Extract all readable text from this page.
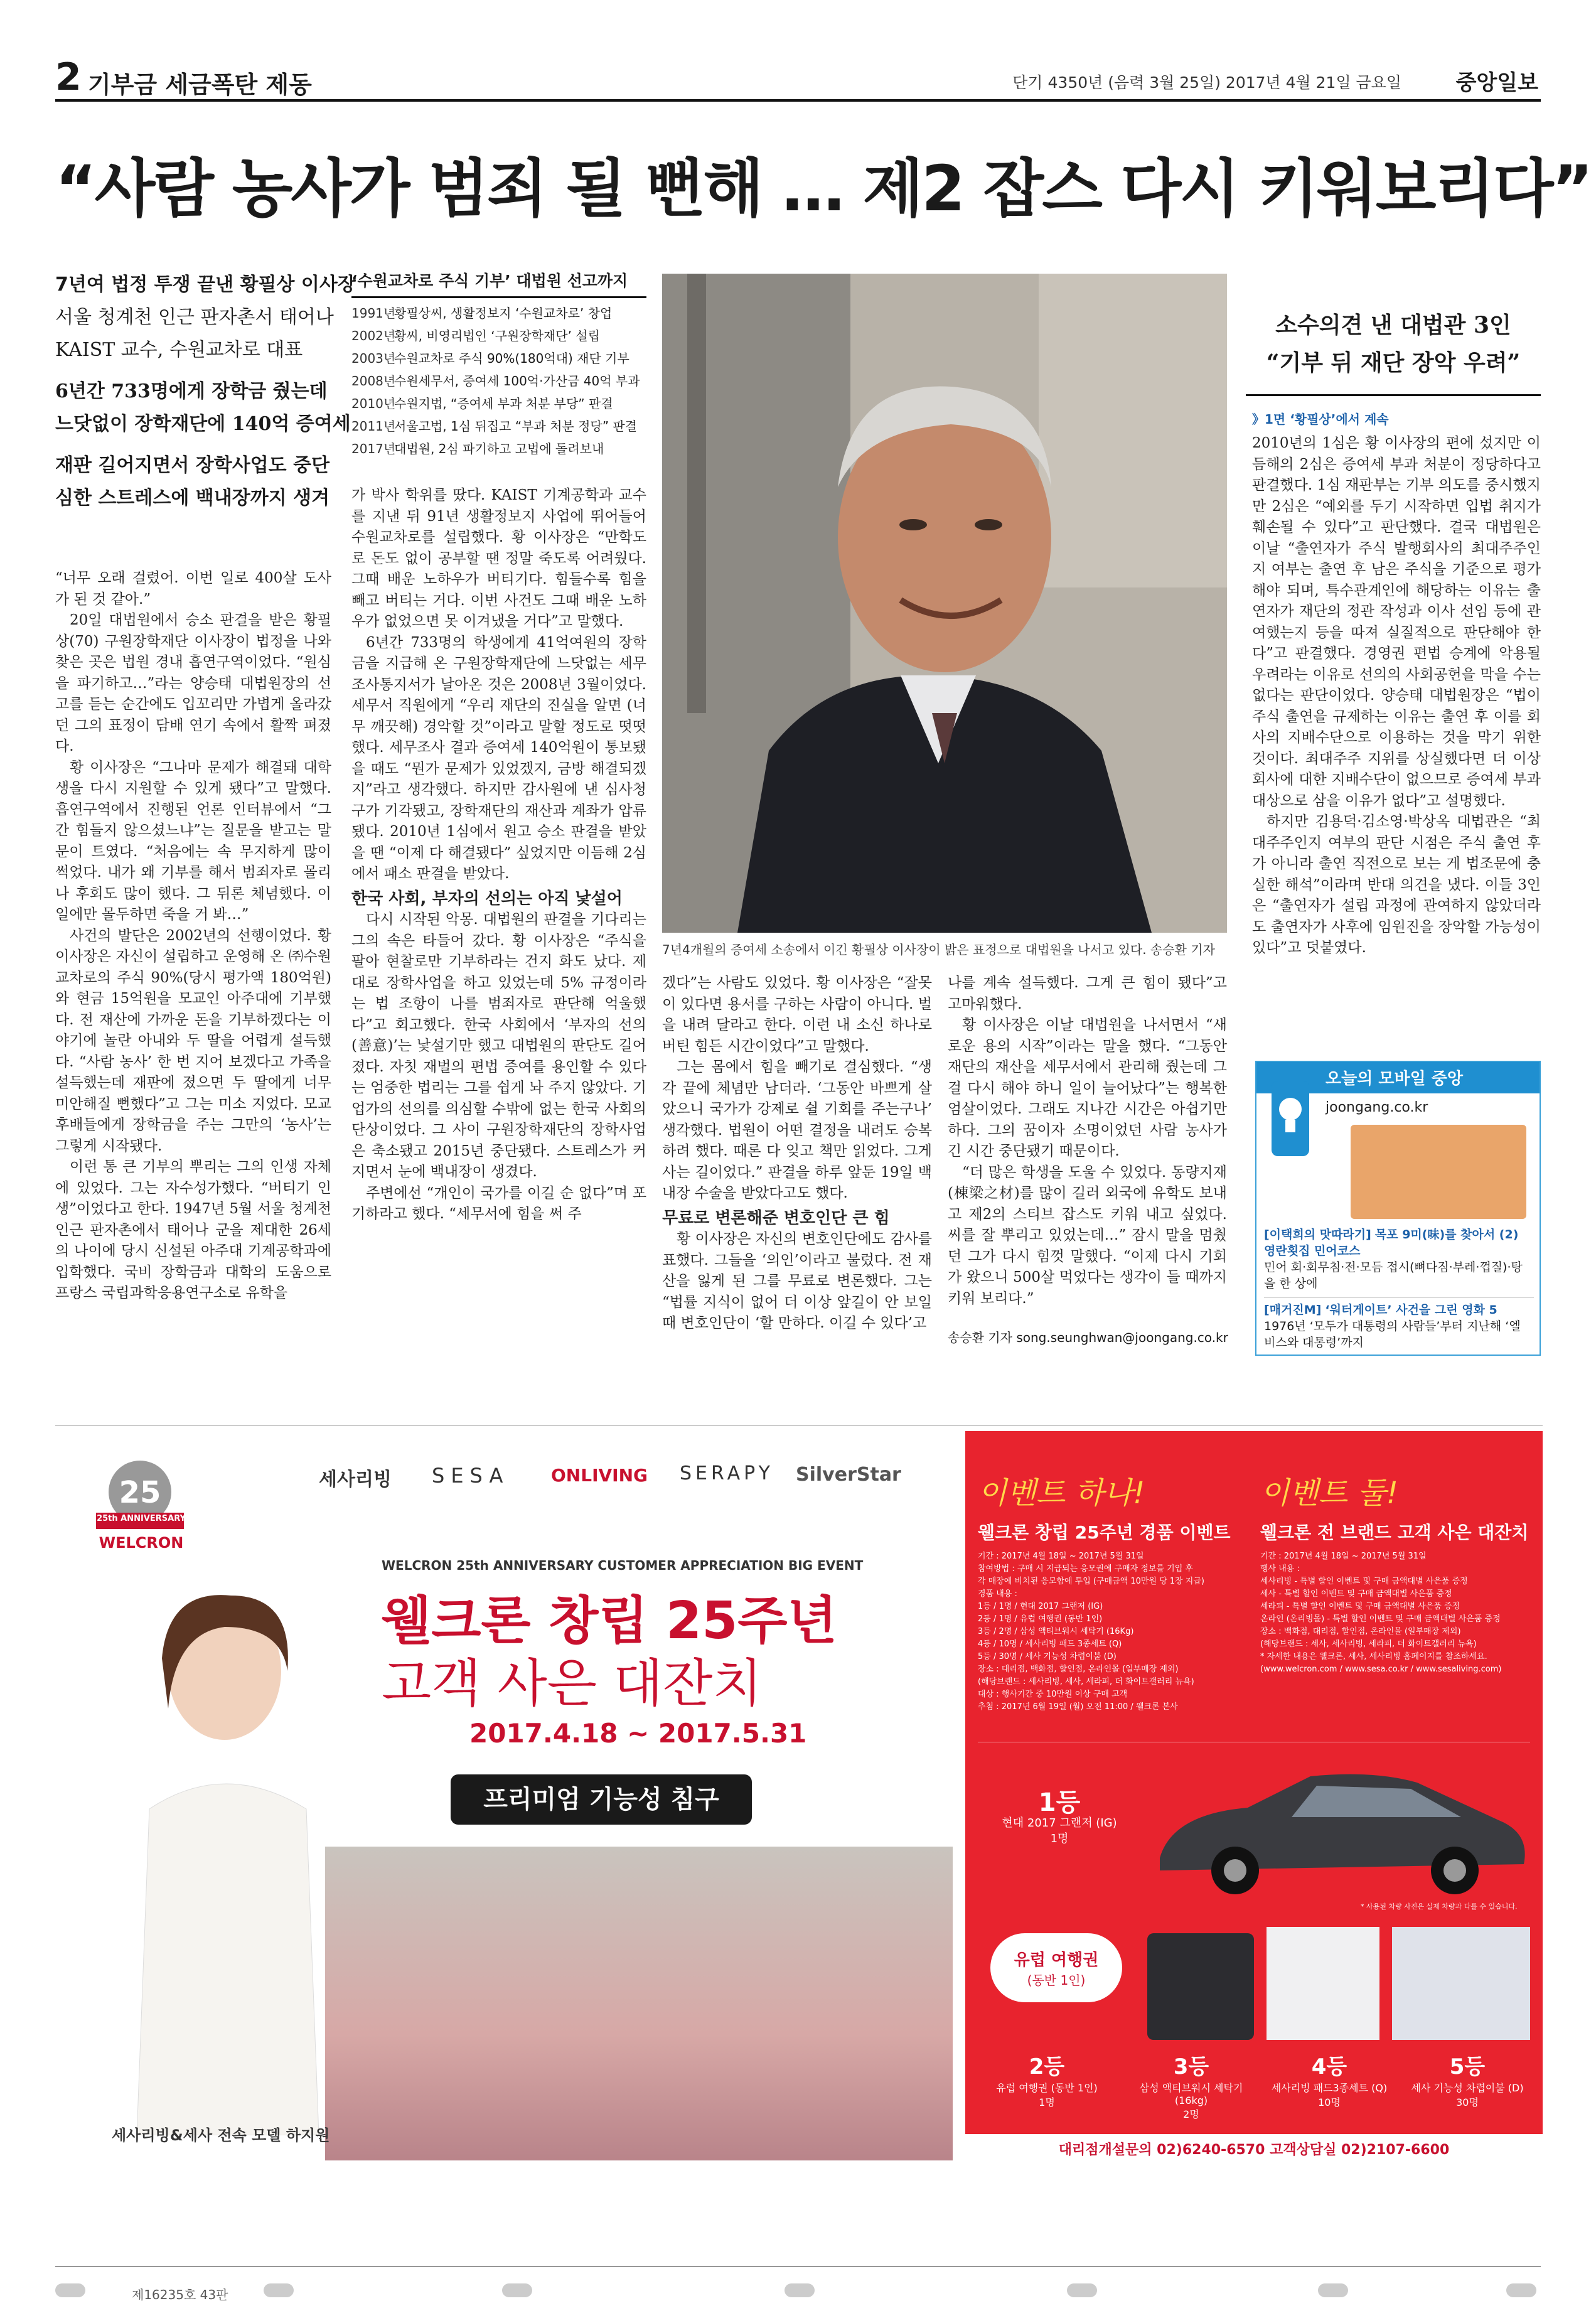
2 기부금 세금폭탄 제동	단기 4350년 (음력 3월 25일) 2017년 4월 21일 금요일	중앙일보
“사람 농사가 범죄 될 뻔해 … 제2 잡스 다시 키워보리다”
7년여 법정 투쟁 끝낸 황필상 이사장
서울 청계천 인근 판자촌서 태어나
KAIST 교수, 수원교차로 대표
6년간 733명에게 장학금 줬는데
느닷없이 장학재단에 140억 증여세
재판 길어지면서 장학사업도 중단
심한 스트레스에 백내장까지 생겨
‘수원교차로 주식 기부’ 대법원 선고까지
1991년황필상씨, 생활정보지 ‘수원교차로’ 창업
2002년황씨, 비영리법인 ‘구원장학재단’ 설립
2003년수원교차로 주식 90%(180억대) 재단 기부
2008년수원세무서, 증여세 100억·가산금 40억 부과
2010년수원지법, “증여세 부과 처분 부당” 판결
2011년서울고법, 1심 뒤집고 “부과 처분 정당” 판결
2017년대법원, 2심 파기하고 고법에 돌려보내

“너무 오래 걸렸어. 이번 일로 400살 도사가 된 것 같아.”

20일 대법원에서 승소 판결을 받은 황필상(70) 구원장학재단 이사장이 법정을 나와 찾은 곳은 법원 경내 흡연구역이었다. “원심을 파기하고…”라는 양승태 대법원장의 선고를 듣는 순간에도 입꼬리만 가볍게 올라갔던 그의 표정이 담배 연기 속에서 활짝 펴졌다.

황 이사장은 “그나마 문제가 해결돼 대학생을 다시 지원할 수 있게 됐다”고 말했다. 흡연구역에서 진행된 언론 인터뷰에서 “그간 힘들지 않으셨느냐”는 질문을 받고는 말문이 트였다. “처음에는 속 무지하게 많이 썩었다. 내가 왜 기부를 해서 범죄자로 몰리나 후회도 많이 했다. 그 뒤론 체념했다. 이 일에만 몰두하면 죽을 거 봐…”

사건의 발단은 2002년의 선행이었다. 황 이사장은 자신이 설립하고 운영해 온 ㈜수원교차로의 주식 90%(당시 평가액 180억원)와 현금 15억원을 모교인 아주대에 기부했다. 전 재산에 가까운 돈을 기부하겠다는 이야기에 놀란 아내와 두 딸을 어렵게 설득했다. “사람 농사’ 한 번 지어 보겠다고 가족을 설득했는데 재판에 졌으면 두 딸에게 너무 미안해질 뻔했다”고 그는 미소 지었다. 모교 후배들에게 장학금을 주는 그만의 ‘농사’는 그렇게 시작됐다.

이런 통 큰 기부의 뿌리는 그의 인생 자체에 있었다. 그는 자수성가했다. “버티기 인생”이었다고 한다. 1947년 5월 서울 청계천 인근 판자촌에서 태어나 군을 제대한 26세의 나이에 당시 신설된 아주대 기계공학과에 입학했다. 국비 장학금과 대학의 도움으로 프랑스 국립과학응용연구소로 유학을

가 박사 학위를 땄다. KAIST 기계공학과 교수를 지낸 뒤 91년 생활정보지 사업에 뛰어들어 수원교차로를 설립했다. 황 이사장은 “만학도로 돈도 없이 공부할 땐 정말 죽도록 어려웠다. 그때 배운 노하우가 버티기다. 힘들수록 힘을 빼고 버티는 거다. 이번 사건도 그때 배운 노하우가 없었으면 못 이겨냈을 거다”고 말했다.

6년간 733명의 학생에게 41억여원의 장학금을 지급해 온 구원장학재단에 느닷없는 세무조사통지서가 날아온 것은 2008년 3월이었다. 세무서 직원에게 “우리 재단의 진실을 알면 (너무 깨끗해) 경악할 것”이라고 말할 정도로 떳떳했다. 세무조사 결과 증여세 140억원이 통보됐을 때도 “뭔가 문제가 있었겠지, 금방 해결되겠지”라고 생각했다. 하지만 감사원에 낸 심사청구가 기각됐고, 장학재단의 재산과 계좌가 압류됐다. 2010년 1심에서 원고 승소 판결을 받았을 땐 “이제 다 해결됐다” 싶었지만 이듬해 2심에서 패소 판결을 받았다.

한국 사회, 부자의 선의는 아직 낯설어

다시 시작된 악몽. 대법원의 판결을 기다리는 그의 속은 타들어 갔다. 황 이사장은 “주식을 팔아 현찰로만 기부하라는 건지 화도 났다. 제대로 장학사업을 하고 있었는데 5% 규정이라는 법 조항이 나를 범죄자로 판단해 억울했다”고 회고했다. 한국 사회에서 ‘부자의 선의(善意)’는 낯설기만 했고 대법원의 판단도 길어졌다. 자칫 재벌의 편법 증여를 용인할 수 있다는 엄중한 법리는 그를 쉽게 놔 주지 않았다. 기업가의 선의를 의심할 수밖에 없는 한국 사회의 단상이었다. 그 사이 구원장학재단의 장학사업은 축소됐고 2015년 중단됐다. 스트레스가 커지면서 눈에 백내장이 생겼다.

주변에선 “개인이 국가를 이길 순 없다”며 포기하라고 했다. “세무서에 힘을 써 주

7년4개월의 증여세 소송에서 이긴 황필상 이사장이 밝은 표정으로 대법원을 나서고 있다. 송승환 기자

겠다”는 사람도 있었다. 황 이사장은 “잘못이 있다면 용서를 구하는 사람이 아니다. 벌을 내려 달라고 한다. 이런 내 소신 하나로 버틴 힘든 시간이었다”고 말했다.

그는 몸에서 힘을 빼기로 결심했다. “생각 끝에 체념만 남더라. ‘그동안 바쁘게 살았으니 국가가 강제로 쉴 기회를 주는구나’ 생각했다. 법원이 어떤 결정을 내려도 승복하려 했다. 때론 다 잊고 책만 읽었다. 그게 사는 길이었다.” 판결을 하루 앞둔 19일 백내장 수술을 받았다고도 했다.

무료로 변론해준 변호인단 큰 힘

황 이사장은 자신의 변호인단에도 감사를 표했다. 그들을 ‘의인’이라고 불렀다. 전 재산을 잃게 된 그를 무료로 변론했다. 그는 “법률 지식이 없어 더 이상 앞길이 안 보일 때 변호인단이 ‘할 만하다. 이길 수 있다’고

나를 계속 설득했다. 그게 큰 힘이 됐다”고 고마워했다.

황 이사장은 이날 대법원을 나서면서 “새로운 용의 시작”이라는 말을 했다. “그동안 재단의 재산을 세무서에서 관리해 줬는데 그걸 다시 해야 하니 일이 늘어났다”는 행복한 엄살이었다. 그래도 지나간 시간은 아쉽기만 하다. 그의 꿈이자 소명이었던 사람 농사가 긴 시간 중단됐기 때문이다.

“더 많은 학생을 도울 수 있었다. 동량지재(棟梁之材)를 많이 길러 외국에 유학도 보내고 제2의 스티브 잡스도 키워 내고 싶었다. 씨를 잘 뿌리고 있었는데…” 잠시 말을 멈췄던 그가 다시 힘껏 말했다. “이제 다시 기회가 왔으니 500살 먹었다는 생각이 들 때까지 키워 보리다.”

송승환 기자 song.seunghwan@joongang.co.kr
소수의견 낸 대법관 3인
“기부 뒤 재단 장악 우려”
》1면 ‘황필상’에서 계속

2010년의 1심은 황 이사장의 편에 섰지만 이듬해의 2심은 증여세 부과 처분이 정당하다고 판결했다. 1심 재판부는 기부 의도를 중시했지만 2심은 “예외를 두기 시작하면 입법 취지가 훼손될 수 있다”고 판단했다. 결국 대법원은 이날 “출연자가 주식 발행회사의 최대주주인지 여부는 출연 후 남은 주식을 기준으로 평가해야 되며, 특수관계인에 해당하는 이유는 출연자가 재단의 정관 작성과 이사 선임 등에 관여했는지 등을 따져 실질적으로 판단해야 한다”고 판결했다. 경영권 편법 승계에 악용될 우려라는 이유로 선의의 사회공헌을 막을 수는 없다는 판단이었다. 양승태 대법원장은 “법이 주식 출연을 규제하는 이유는 출연 후 이를 회사의 지배수단으로 이용하는 것을 막기 위한 것이다. 최대주주 지위를 상실했다면 더 이상 회사에 대한 지배수단이 없으므로 증여세 부과 대상으로 삼을 이유가 없다”고 설명했다.

하지만 김용덕·김소영·박상옥 대법관은 “최대주주인지 여부의 판단 시점은 주식 출연 후가 아니라 출연 직전으로 보는 게 법조문에 충실한 해석”이라며 반대 의견을 냈다. 이들 3인은 “출연자가 설립 과정에 관여하지 않았더라도 출연자가 사후에 임원진을 장악할 가능성이 있다”고 덧붙였다.

오늘의 모바일 중앙
joongang.co.kr
[이택희의 맛따라기] 목포 9미(味)를 찾아서 (2) 영란횟집 민어코스
민어 회·회무침·전·모듬 접시(뼈다짐·부레·껍질)·탕을 한 상에
[매거진M] ‘워터게이트’ 사건을 그린 영화 5
1976년 ‘모두가 대통령의 사람들’부터 지난해 ‘엘 비스와 대통령’까지
25
25th ANNIVERSARY
WELCRON
세사리빙 SESA ONLIVING SERAPY SilverStar
WELCRON 25th ANNIVERSARY CUSTOMER APPRECIATION BIG EVENT
웰크론 창립 25주년
고객 사은 대잔치
2017.4.18 ~ 2017.5.31
프리미엄 기능성 침구
세사리빙&세사 전속 모델 하지원
이벤트 하나!	이벤트 둘!
웰크론 창립 25주년 경품 이벤트 웰크론 전 브랜드 고객 사은 대잔치
기간 : 2017년 4월 18일 ~ 2017년 5월 31일
참여방법 : 구매 시 지급되는 응모권에 구매자 정보를 기입 후
각 매장에 비치된 응모함에 투입 (구매금액 10만원 당 1장 지급)
경품 내용 :
1등 / 1명 / 현대 2017 그랜저 (IG)
2등 / 1명 / 유럽 여행권 (동반 1인)
3등 / 2명 / 삼성 액티브워시 세탁기 (16Kg)
4등 / 10명 / 세사리빙 패드 3종세트 (Q)
5등 / 30명 / 세사 기능성 차렵이불 (D)
장소 : 대리점, 백화점, 할인점, 온라인몰 (일부매장 제외)
(해당브랜드 : 세사리빙, 세사, 세라피, 더 화이트갤러리 뉴욕)
대상 : 행사기간 중 10만원 이상 구매 고객
추첨 : 2017년 6월 19일 (월) 오전 11:00 / 웰크론 본사
기간 : 2017년 4월 18일 ~ 2017년 5월 31일
행사 내용 :
세사리빙 - 특별 할인 이벤트 및 구매 금액대별 사은품 증정
세사 - 특별 할인 이벤트 및 구매 금액대별 사은품 증정
세라피 - 특별 할인 이벤트 및 구매 금액대별 사은품 증정
온라인 (온리빙몰) - 특별 할인 이벤트 및 구매 금액대별 사은품 증정
장소 : 백화점, 대리점, 할인점, 온라인몰 (일부매장 제외)
(해당브랜드 : 세사, 세사리빙, 세라피, 더 화이트갤러리 뉴욕)
* 자세한 내용은 웰크론, 세사, 세사리빙 홈페이지를 참조하세요.
(www.welcron.com / www.sesa.co.kr / www.sesaliving.com)
1등
현대 2017 그랜저 (IG)
1명
* 사용된 차량 사진은 실제 차량과 다를 수 있습니다.
유럽 여행권
(동반 1인)
2등
유럽 여행권 (동반 1인)
1명
3등
삼성 액티브워시 세탁기 (16kg)
2명
4등
세사리빙 패드3종세트 (Q)
10명
5등
세사 기능성 차렵이불 (D)
30명
대리점개설문의 02)6240-6570 고객상담실 02)2107-6600
제16235호 43판
